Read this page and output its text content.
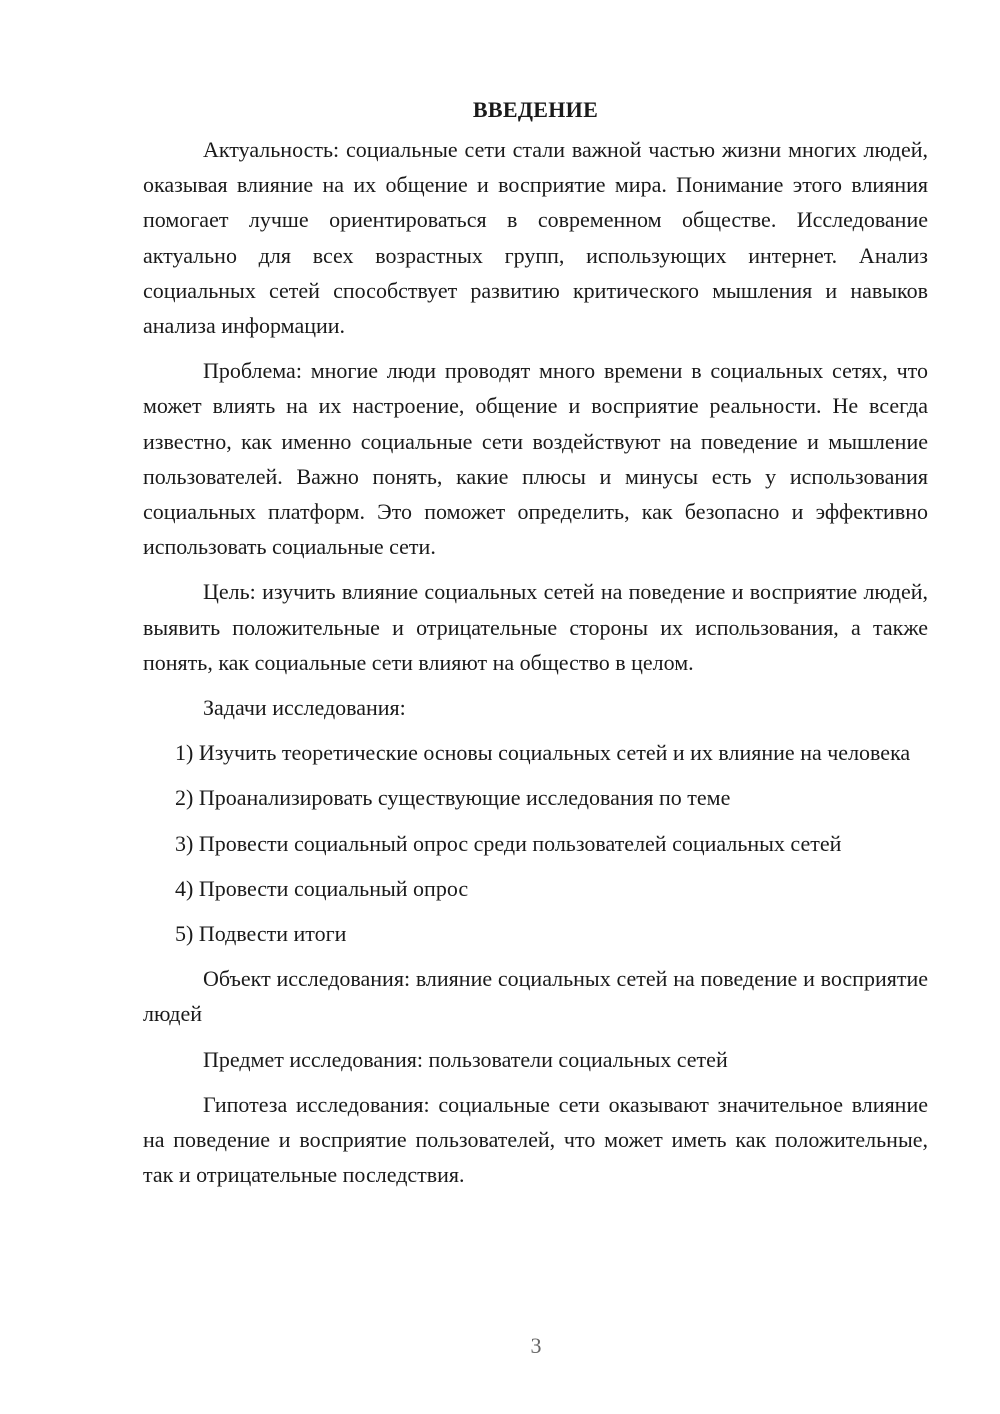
ВВЕДЕНИЕ

Актуальность: социальные сети стали важной частью жизни многих людей, оказывая влияние на их общение и восприятие мира. Понимание этого влияния помогает лучше ориентироваться в современном обществе. Исследование актуально для всех возрастных групп, использующих интернет. Анализ социальных сетей способствует развитию критического мышления и навыков анализа информации.

Проблема: многие люди проводят много времени в социальных сетях, что может влиять на их настроение, общение и восприятие реальности. Не всегда известно, как именно социальные сети воздействуют на поведение и мышление пользователей. Важно понять, какие плюсы и минусы есть у использования социальных платформ. Это поможет определить, как безопасно и эффективно использовать социальные сети.

Цель: изучить влияние социальных сетей на поведение и восприятие людей, выявить положительные и отрицательные стороны их использования, а также понять, как социальные сети влияют на общество в целом.

Задачи исследования:

1) Изучить теоретические основы социальных сетей и их влияние на человека

2) Проанализировать существующие исследования по теме

3) Провести социальный опрос среди пользователей социальных сетей

4) Провести социальный опрос

5) Подвести итоги

Объект исследования: влияние социальных сетей на поведение и восприятие людей

Предмет исследования: пользователи социальных сетей

Гипотеза исследования: социальные сети оказывают значительное влияние на поведение и восприятие пользователей, что может иметь как положительные, так и отрицательные последствия.

3
